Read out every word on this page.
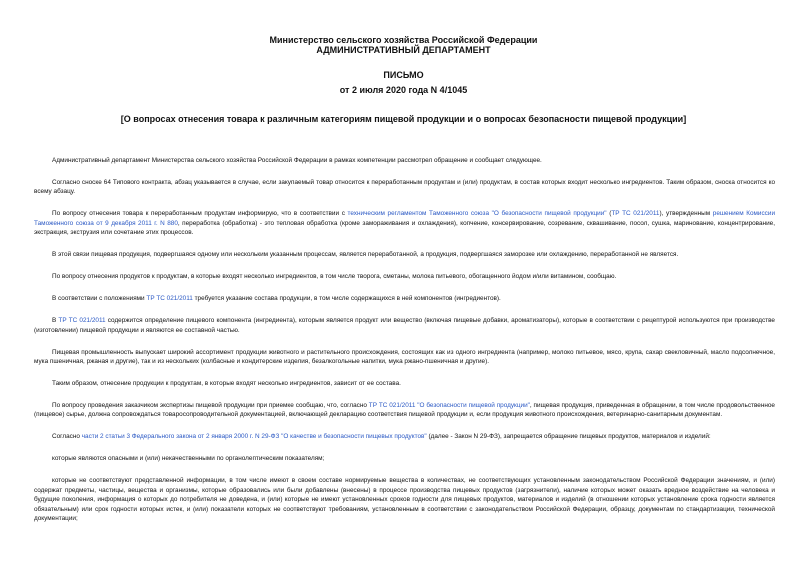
Министерство сельского хозяйства Российской Федерации
АДМИНИСТРАТИВНЫЙ ДЕПАРТАМЕНТ
ПИСЬМО
от 2 июля 2020 года N 4/1045
[О вопросах отнесения товара к различным категориям пищевой продукции и о вопросах безопасности пищевой продукции]

Административный департамент Министерства сельского хозяйства Российской Федерации в рамках компетенции рассмотрел обращение и сообщает следующее.

Согласно сноске 64 Типового контракта, абзац указывается в случае, если закупаемый товар относится к переработанным продуктам и (или) продуктам, в состав которых входит несколько ингредиентов. Таким образом, сноска относится ко всему абзацу.

По вопросу отнесения товара к переработанным продуктам информирую, что в соответствии с техническим регламентом Таможенного союза "О безопасности пищевой продукции" (ТР ТС 021/2011), утвержденным решением Комиссии Таможенного союза от 9 декабря 2011 г. N 880, переработка (обработка) - это тепловая обработка (кроме замораживания и охлаждения), копчение, консервирование, созревание, сквашивание, посол, сушка, маринование, концентрирование, экстракция, экструзия или сочетание этих процессов.

В этой связи пищевая продукция, подвергшаяся одному или нескольким указанным процессам, является переработанной, а продукция, подвергшаяся заморозке или охлаждению, переработанной не является.

По вопросу отнесения продуктов к продуктам, в которые входят несколько ингредиентов, в том числе творога, сметаны, молока питьевого, обогащенного йодом и/или витамином, сообщаю.

В соответствии с положениями ТР ТС 021/2011 требуется указание состава продукции, в том числе содержащихся в ней компонентов (ингредиентов).

В ТР ТС 021/2011 содержится определение пищевого компонента (ингредиента), которым является продукт или вещество (включая пищевые добавки, ароматизаторы), которые в соответствии с рецептурой используются при производстве (изготовлении) пищевой продукции и являются ее составной частью.

Пищевая промышленность выпускает широкий ассортимент продукции животного и растительного происхождения, состоящих как из одного ингредиента (например, молоко питьевое, мясо, крупа, сахар свекловичный, масло подсолнечное, мука пшеничная, ржаная и другие), так и из нескольких (колбасные и кондитерские изделия, безалкогольные напитки, мука ржано-пшеничная и другие).

Таким образом, отнесение продукции к продуктам, в которые входят несколько ингредиентов, зависит от ее состава.

По вопросу проведения заказчиком экспертизы пищевой продукции при приемке сообщаю, что, согласно ТР ТС 021/2011 "О безопасности пищевой продукции", пищевая продукция, приведенная в обращении, в том числе продовольственное (пищевое) сырье, должна сопровождаться товаросопроводительной документацией, включающей декларацию соответствия пищевой продукции и, если продукция животного происхождения, ветеринарно-санитарным документам.

Согласно части 2 статьи 3 Федерального закона от 2 января 2000 г. N 29-ФЗ "О качестве и безопасности пищевых продуктов" (далее - Закон N 29-ФЗ), запрещается обращение пищевых продуктов, материалов и изделий:

которые являются опасными и (или) некачественными по органолептическим показателям;

которые не соответствуют представленной информации, в том числе имеют в своем составе нормируемые вещества в количествах, не соответствующих установленным законодательством Российской Федерации значениям, и (или) содержат предметы, частицы, вещества и организмы, которые образовались или были добавлены (внесены) в процессе производства пищевых продуктов (загрязнители), наличие которых может оказать вредное воздействие на человека и будущие поколения, информация о которых до потребителя не доведена, и (или) которые не имеют установленных сроков годности для пищевых продуктов, материалов и изделий (в отношении которых установление срока годности является обязательным) или срок годности которых истек, и (или) показатели которых не соответствуют требованиям, установленным в соответствии с законодательством Российской Федерации, образцу, документам по стандартизации, технической документации;
